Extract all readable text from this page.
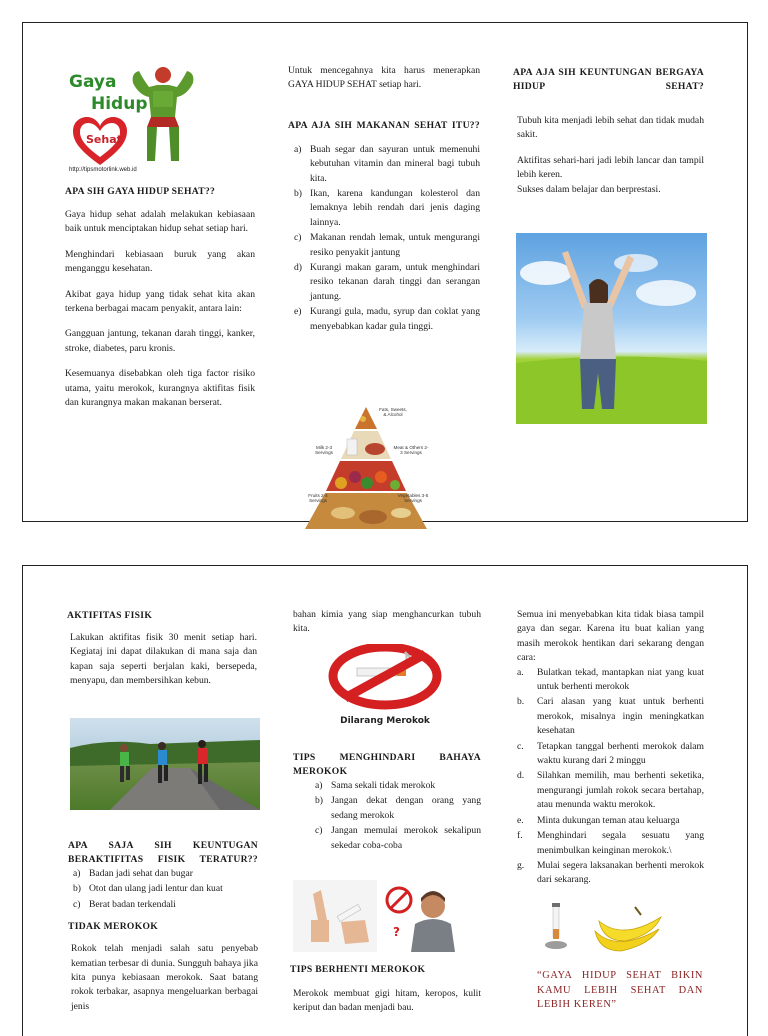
Gaya
Hidup
Sehat
http://tipsmotorlink.web.id
APA SIH GAYA HIDUP SEHAT??

Gaya hidup sehat adalah melakukan kebiasaan baik untuk menciptakan hidup sehat setiap hari.

Menghindari kebiasaan buruk yang akan menganggu kesehatan.

Akibat gaya hidup yang tidak sehat kita akan terkena berbagai macam penyakit, antara lain:

Gangguan jantung, tekanan darah tinggi, kanker, stroke, diabetes, paru kronis.

Kesemuanya disebabkan oleh tiga factor risiko utama, yaitu merokok, kurangnya aktifitas fisik dan kurangnya makan makanan berserat.

Untuk mencegahnya kita harus menerapkan GAYA HIDUP SEHAT setiap hari.

APA AJA SIH MAKANAN SEHAT ITU??
a) Buah segar dan sayuran untuk memenuhi kebutuhan vitamin dan mineral bagi tubuh kita.
b) Ikan, karena kandungan kolesterol dan lemaknya lebih rendah dari jenis daging lainnya.
c) Makanan rendah lemak, untuk mengurangi resiko penyakit jantung
d) Kurangi makan garam, untuk menghindari resiko tekanan darah tinggi dan serangan jantung.
e) Kurangi gula, madu, syrup dan coklat yang menyebabkan kadar gula tinggi.
Fats, Sweets, & Alcohol
Milk 2-3 Servings
Meat & Others 2-3 Servings
Fruits 2-4 Servings
Vegetables 3-5 Servings
APA AJA SIH KEUNTUNGAN BERGAYA HIDUP SEHAT?

Tubuh kita menjadi lebih sehat dan tidak mudah sakit.

Aktifitas sehari-hari jadi lebih lancar dan tampil lebih keren.

Sukses dalam belajar dan berprestasi.

AKTIFITAS FISIK

Lakukan aktifitas fisik 30 menit setiap hari. Kegiataj ini dapat dilakukan di mana saja dan kapan saja seperti berjalan kaki, bersepeda, menyapu, dan membersihkan kebun.

APA SAJA SIH KEUNTUGAN BERAKTIFITAS FISIK TERATUR??
a) Badan jadi sehat dan bugar
b) Otot dan ulang jadi lentur dan kuat
c) Berat badan terkendali
TIDAK MEROKOK

Rokok telah menjadi salah satu penyebab kematian terbesar di dunia. Sungguh bahaya jika kita punya kebiasaan merokok. Saat batang rokok terbakar, asapnya mengeluarkan berbagai jenis

bahan kimia yang siap menghancurkan tubuh kita.

Dilarang Merokok
TIPS MENGHINDARI BAHAYA MEROKOK
a) Sama sekali tidak merokok
b) Jangan dekat dengan orang yang sedang merokok
c) Jangan memulai merokok sekalipun sekedar coba-coba
?
TIPS BERHENTI MEROKOK

Merokok membuat gigi hitam, keropos, kulit keriput dan badan menjadi bau.

Semua ini menyebabkan kita tidak biasa tampil gaya dan segar. Karena itu buat kalian yang masih merokok hentikan dari sekarang dengan cara:

a. Bulatkan tekad, mantapkan niat yang kuat untuk berhenti merokok
b. Cari alasan yang kuat untuk berhenti merokok, misalnya ingin meningkatkan kesehatan
c. Tetapkan tanggal berhenti merokok dalam waktu kurang dari 2 minggu
d. Silahkan memilih, mau berhenti seketika, mengurangi jumlah rokok secara bertahap, atau menunda waktu merokok.
e. Minta dukungan teman atau keluarga
f. Menghindari segala sesuatu yang menimbulkan keinginan merokok.\
g. Mulai segera laksanakan berhenti merokok dari sekarang.
“GAYA HIDUP SEHAT BIKIN KAMU LEBIH SEHAT DAN LEBIH KEREN”
